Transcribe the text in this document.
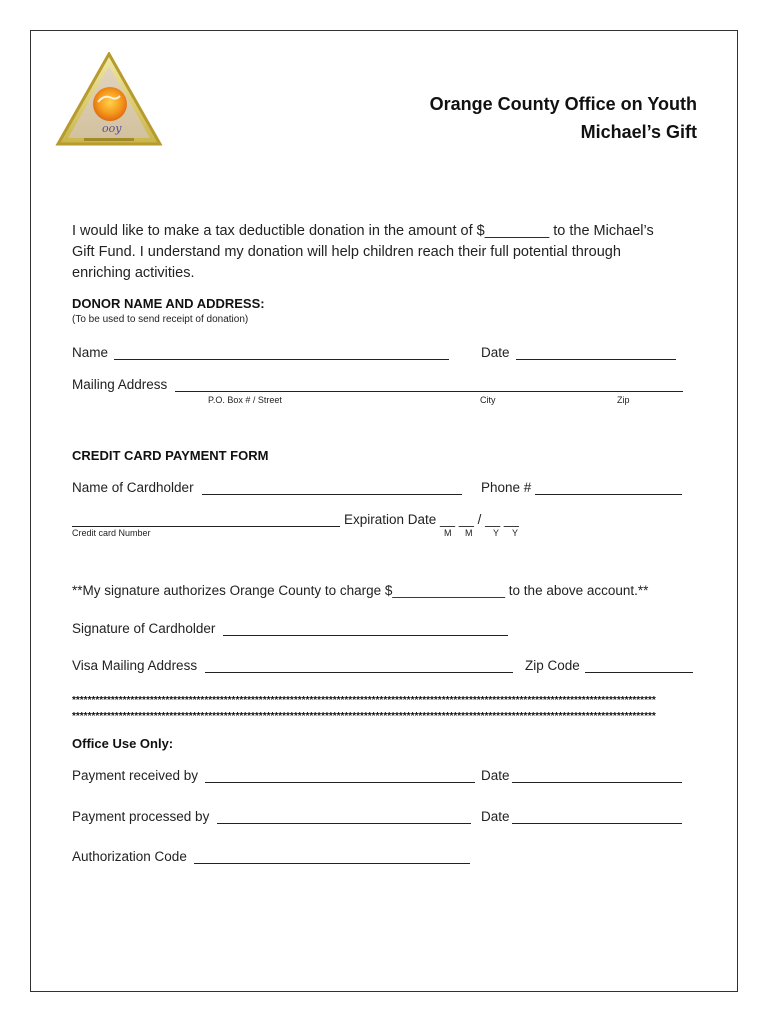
ooy
Orange County Office on Youth
Michael’s Gift
I would like to make a tax deductible donation in the amount of $________ to the Michael’s
Gift Fund. I understand my donation will help children reach their full potential through
enriching activities.
DONOR NAME AND ADDRESS:
(To be used to send receipt of donation)
Name	Date
Mailing Address
P.O. Box # / Street	City	Zip
CREDIT CARD PAYMENT FORM
Name of Cardholder	Phone #
Expiration Date __ __ / __ __
Credit card Number	M M Y Y
**My signature authorizes Orange County to charge $_______________ to the above account.**
Signature of Cardholder
Visa Mailing Address	Zip Code
******************************************************************************************************************************************************
******************************************************************************************************************************************************
Office Use Only:
Payment received by	Date
Payment processed by	Date
Authorization Code
